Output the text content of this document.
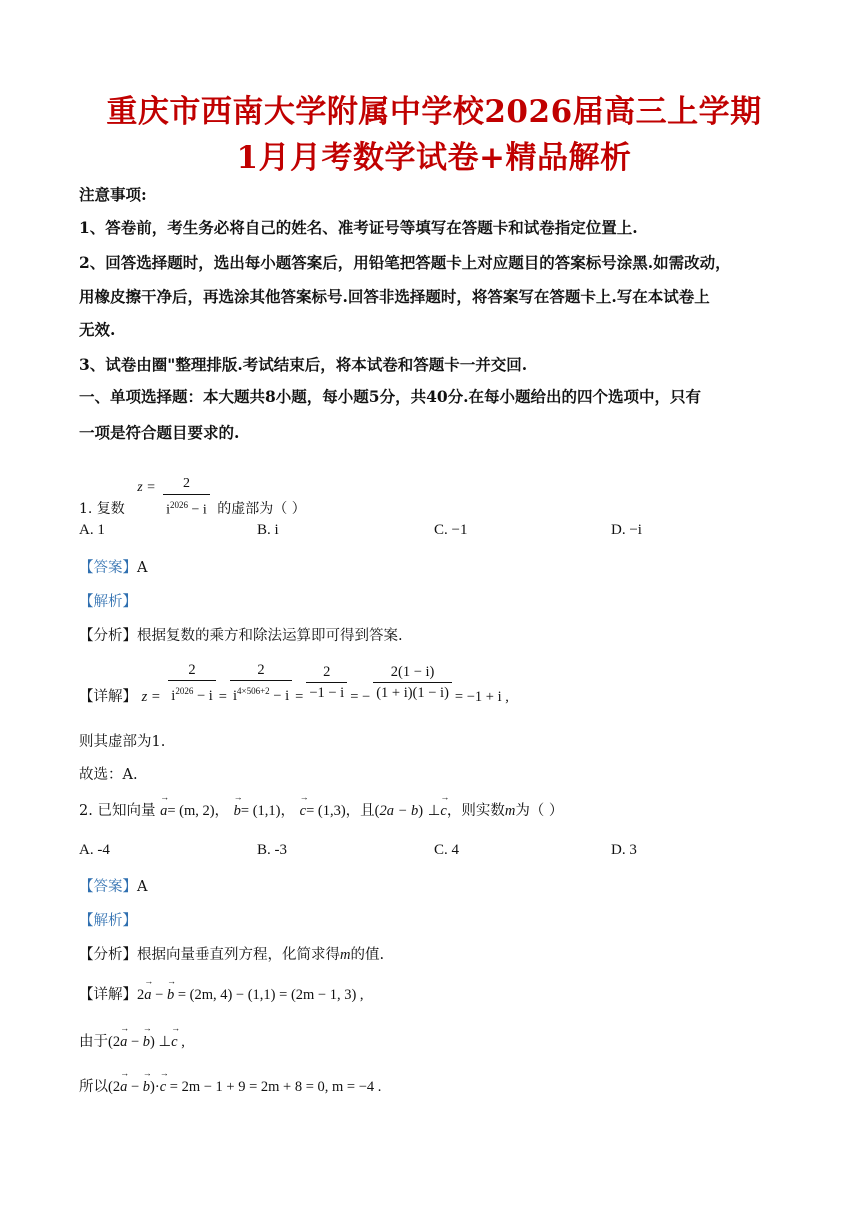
重庆市西南大学附属中学校2026届高三上学期
1月月考数学试卷+精品解析
注意事项:
1、答卷前，考生务必将自己的姓名、准考证号等填写在答题卡和试卷指定位置上.
2、回答选择题时，选出每小题答案后，用铅笔把答题卡上对应题目的答案标号涂黑.如需改动，
用橡皮擦干净后，再选涂其他答案标号.回答非选择题时，将答案写在答题卡上.写在本试卷上
无效.
3、试卷由圈"整理排版.考试结束后，将本试卷和答题卡一并交回.
一、单项选择题：本大题共8小题，每小题5分，共40分.在每小题给出的四个选项中，只有
一项是符合题目要求的.
1. 复数 $z = \frac{2}{i^{2026} - i}$ 的虚部为（ ）
A. 1	B. i	C. −1	D. −i
【答案】A
【解析】
【分析】根据复数的乘方和除法运算即可得到答案.
【详解】 $z = \frac{2}{i^{2026} - i} = \frac{2}{i^{4\times 506+2} - i} = \frac{2}{-1 - i}$ = − $\frac{2(1 - i)}{(1 + i)(1 - i)} = -1 + i$ ,
则其虚部为1.
故选：A.
2. 已知向量 → a= (m, 2)， → b= (1,1)， → c= (1,3)，且(2a − b) ⊥→ c，则实数m为（ ）
A. -4	B. -3	C. 4	D. 3
【答案】A
【解析】
【分析】根据向量垂直列方程，化简求得m的值.
【详解】2→ a − → b = (2m, 4) − (1,1) = (2m − 1, 3) ,
由于(2→ a − → b) ⊥→ c ,
所以(2→ a − → b)·→ c = 2m − 1 + 9 = 2m + 8 = 0, m = −4 .
